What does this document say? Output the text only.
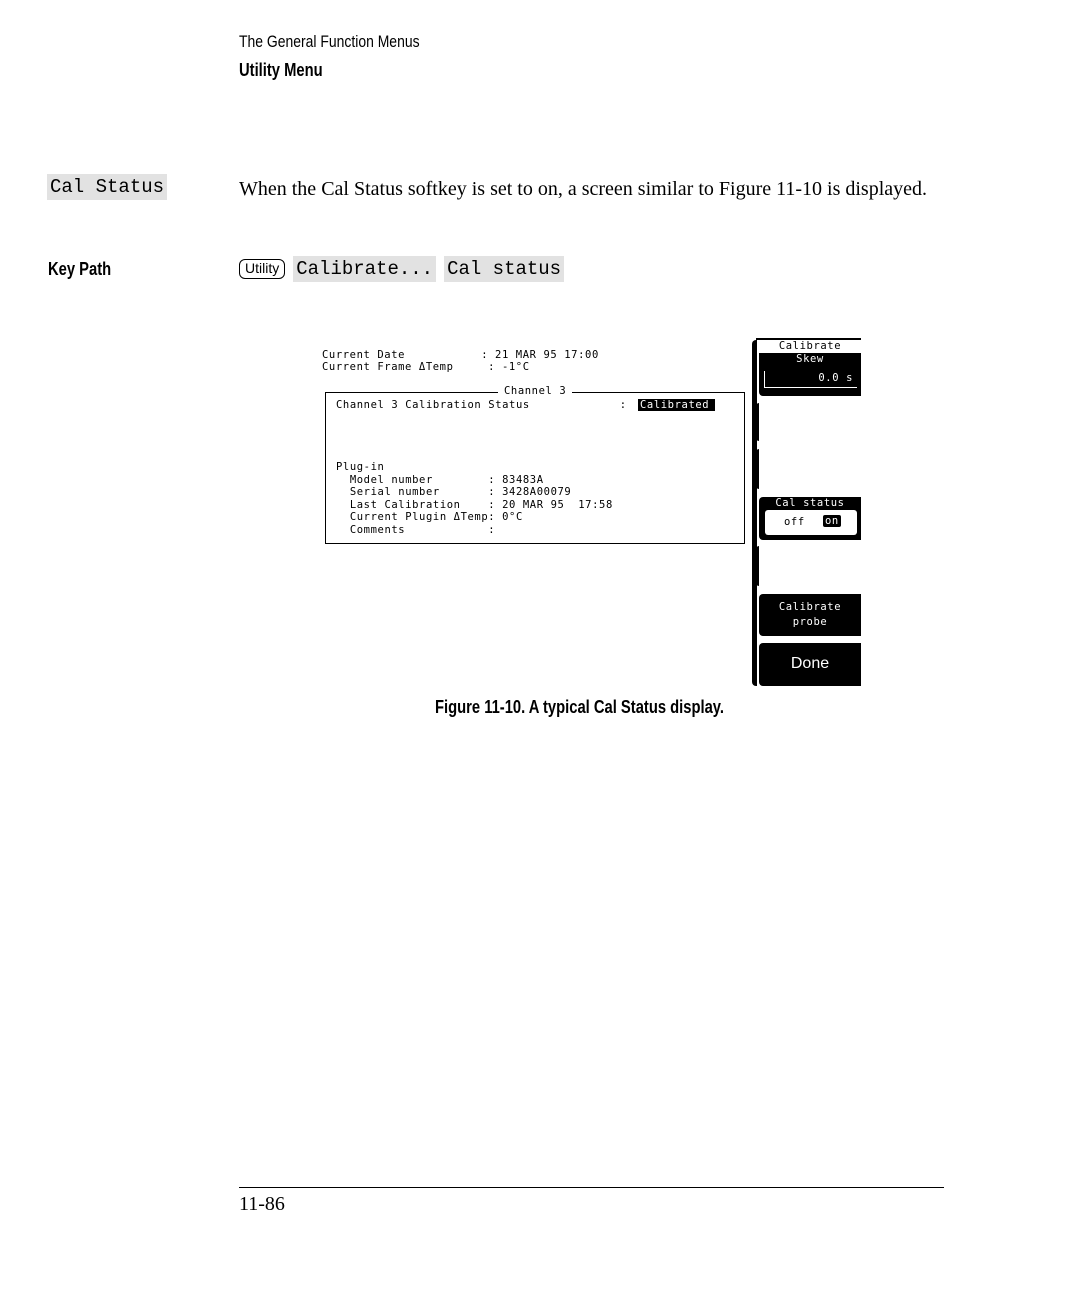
The General Function Menus
Utility Menu
Cal Status	When the Cal Status softkey is set to on, a screen similar to Figure 11-10 is displayed.
Key Path	Utility Calibrate... Cal status
Current Date           : 21 MAR 95 17:00
Current Frame ΔTemp     : -1°C
Channel 3
Channel 3 Calibration Status             : Calibrated
Plug-in
Model number        : 83483A
Serial number       : 3428A00079
Last Calibration    : 20 MAR 95  17:58
Current Plugin ΔTemp: 0°C
Comments            :
Calibrate
Skew
0.0 s
Cal status
off on
Calibrate
probe
Done
Figure 11-10. A typical Cal Status display.
11-86
